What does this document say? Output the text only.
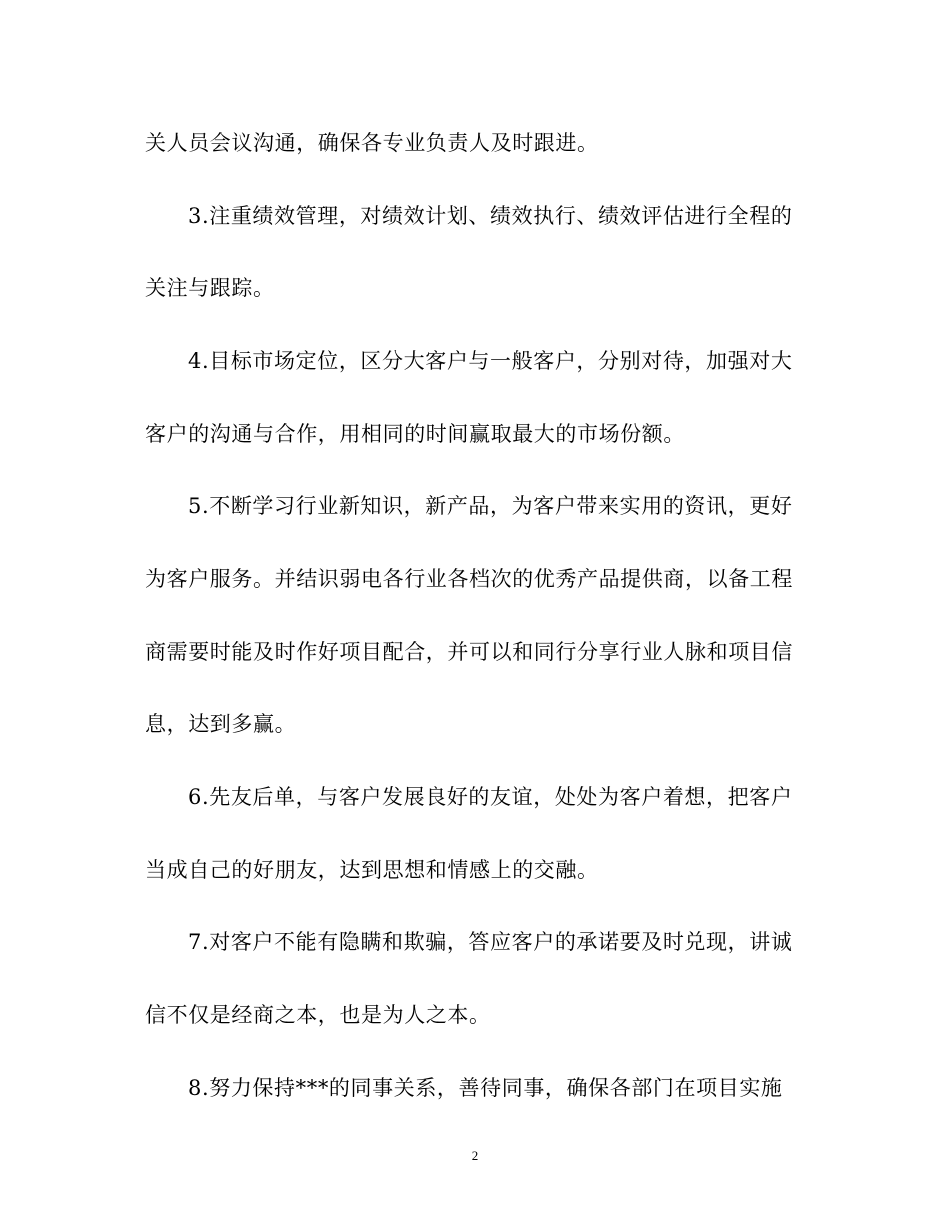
关人员会议沟通，确保各专业负责人及时跟进。
3.注重绩效管理，对绩效计划、绩效执行、绩效评估进行全程的
关注与跟踪。
4.目标市场定位，区分大客户与一般客户，分别对待，加强对大
客户的沟通与合作，用相同的时间赢取最大的市场份额。
5.不断学习行业新知识，新产品，为客户带来实用的资讯，更好
为客户服务。并结识弱电各行业各档次的优秀产品提供商，以备工程
商需要时能及时作好项目配合，并可以和同行分享行业人脉和项目信
息，达到多赢。
6.先友后单，与客户发展良好的友谊，处处为客户着想，把客户
当成自己的好朋友，达到思想和情感上的交融。
7.对客户不能有隐瞒和欺骗，答应客户的承诺要及时兑现，讲诚
信不仅是经商之本，也是为人之本。
8.努力保持***的同事关系，善待同事，确保各部门在项目实施
2
